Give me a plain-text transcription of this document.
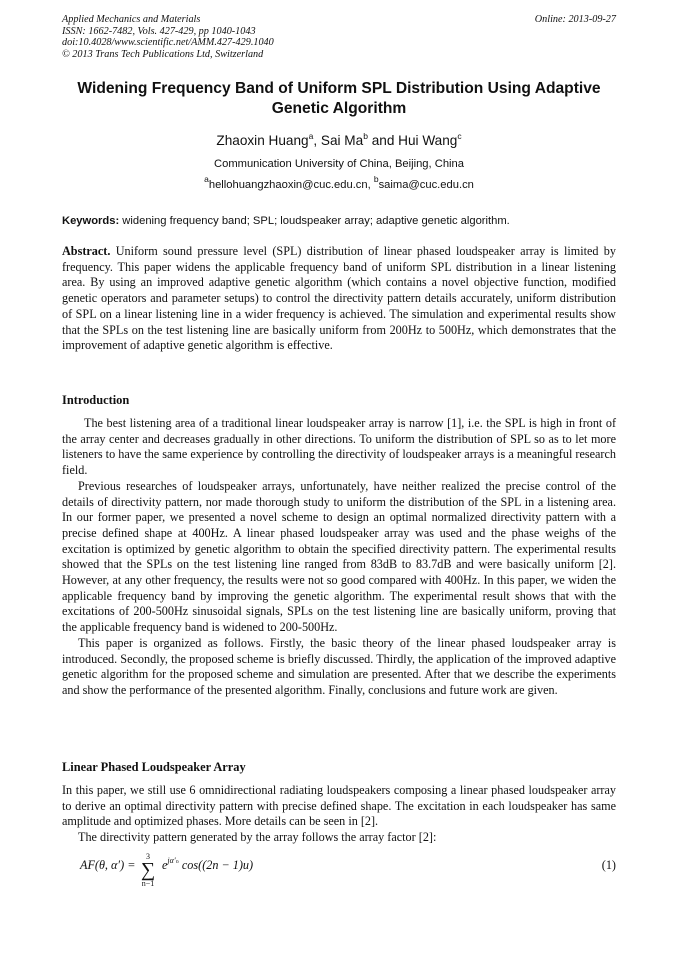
Applied Mechanics and Materials
ISSN: 1662-7482, Vols. 427-429, pp 1040-1043
doi:10.4028/www.scientific.net/AMM.427-429.1040
© 2013 Trans Tech Publications Ltd, Switzerland
Online: 2013-09-27
Widening Frequency Band of Uniform SPL Distribution Using Adaptive Genetic Algorithm
Zhaoxin Huang$^a$, Sai Ma$^b$ and Hui Wang$^c$
Communication University of China, Beijing, China
$^a$hellohuangzhaoxin@cuc.edu.cn, $^b$saima@cuc.edu.cn
Keywords: widening frequency band; SPL; loudspeaker array; adaptive genetic algorithm.
Abstract. Uniform sound pressure level (SPL) distribution of linear phased loudspeaker array is limited by frequency. This paper widens the applicable frequency band of uniform SPL distribution in a linear listening area. By using an improved adaptive genetic algorithm (which contains a novel objective function, modified genetic operators and parameter setups) to control the directivity pattern details accurately, uniform distribution of SPL on a linear listening line in a wider frequency is achieved. The simulation and experimental results show that the SPLs on the test listening line are basically uniform from 200Hz to 500Hz, which demonstrates that the improvement of adaptive genetic algorithm is effective.
Introduction

The best listening area of a traditional linear loudspeaker array is narrow [1], i.e. the SPL is high in front of the array center and decreases gradually in other directions. To uniform the distribution of SPL so as to let more listeners to have the same experience by controlling the directivity of loudspeaker arrays is a meaningful research field.

Previous researches of loudspeaker arrays, unfortunately, have neither realized the precise control of the details of directivity pattern, nor made thorough study to uniform the distribution of the SPL in a listening area. In our former paper, we presented a novel scheme to design an optimal normalized directivity pattern with a precise defined shape at 400Hz. A linear phased loudspeaker array was used and the phase weighs of the excitation is optimized by genetic algorithm to obtain the specified directivity pattern. The experimental results showed that the SPLs on the test listening line ranged from 83dB to 83.7dB and were basically uniform [2]. However, at any other frequency, the results were not so good compared with 400Hz. In this paper, we widen the applicable frequency band by improving the genetic algorithm. The experimental result shows that with the excitations of 200-500Hz sinusoidal signals, SPLs on the test listening line are basically uniform, proving that the applicable frequency band is widened to 200-500Hz.

This paper is organized as follows. Firstly, the basic theory of the linear phased loudspeaker array is introduced. Secondly, the proposed scheme is briefly discussed. Thirdly, the application of the improved adaptive genetic algorithm for the proposed scheme and simulation are presented. After that we describe the experiments and show the performance of the presented algorithm. Finally, conclusions and future work are given.

Linear Phased Loudspeaker Array

In this paper, we still use 6 omnidirectional radiating loudspeakers composing a linear phased loudspeaker array to derive an optimal directivity pattern with precise defined shape. The excitation in each loudspeaker has same amplitude and optimized phases. More details can be seen in [2].

The directivity pattern generated by the array follows the array factor [2]:

AF(θ, α′) =
3
∑
n−1
$e^{j\alpha'_n}$ cos((2n − 1)u)	(1)
